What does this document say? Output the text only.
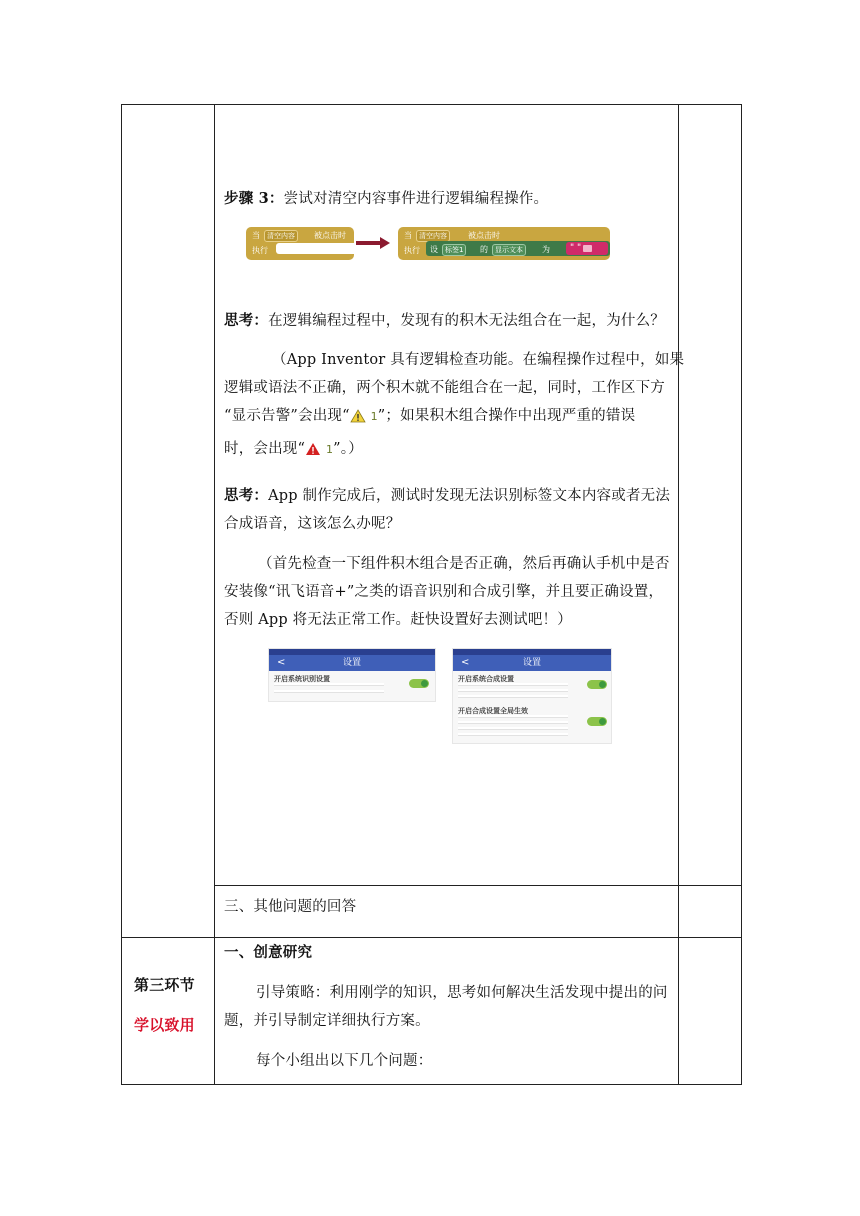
步骤 3：尝试对清空内容事件进行逻辑编程操作。

当	清空内容	被点击时
执行
当	清空内容	被点击时
执行 设	标签1	的	显示文本	为 " "

思考：在逻辑编程过程中，发现有的积木无法组合在一起，为什么？

（App Inventor 具有逻辑检查功能。在编程操作过程中，如果

逻辑或语法不正确，两个积木就不能组合在一起，同时，工作区下方

“显示告警”会出现“ 1”；如果积木组合操作中出现严重的错误

时，会出现“ 1”。）

思考：App 制作完成后，测试时发现无法识别标签文本内容或者无法

合成语音，这该怎么办呢？

（首先检查一下组件积木组合是否正确，然后再确认手机中是否

安装像“讯飞语音+”之类的语音识别和合成引擎，并且要正确设置，

否则 App 将无法正常工作。赶快设置好去测试吧！）

<	设置
开启系统识别设置
<	设置
开启系统合成设置
开启合成设置全局生效

三、其他问题的回答

第三环节

学以致用

一、创意研究

引导策略：利用刚学的知识，思考如何解决生活发现中提出的问

题，并引导制定详细执行方案。

每个小组出以下几个问题：
